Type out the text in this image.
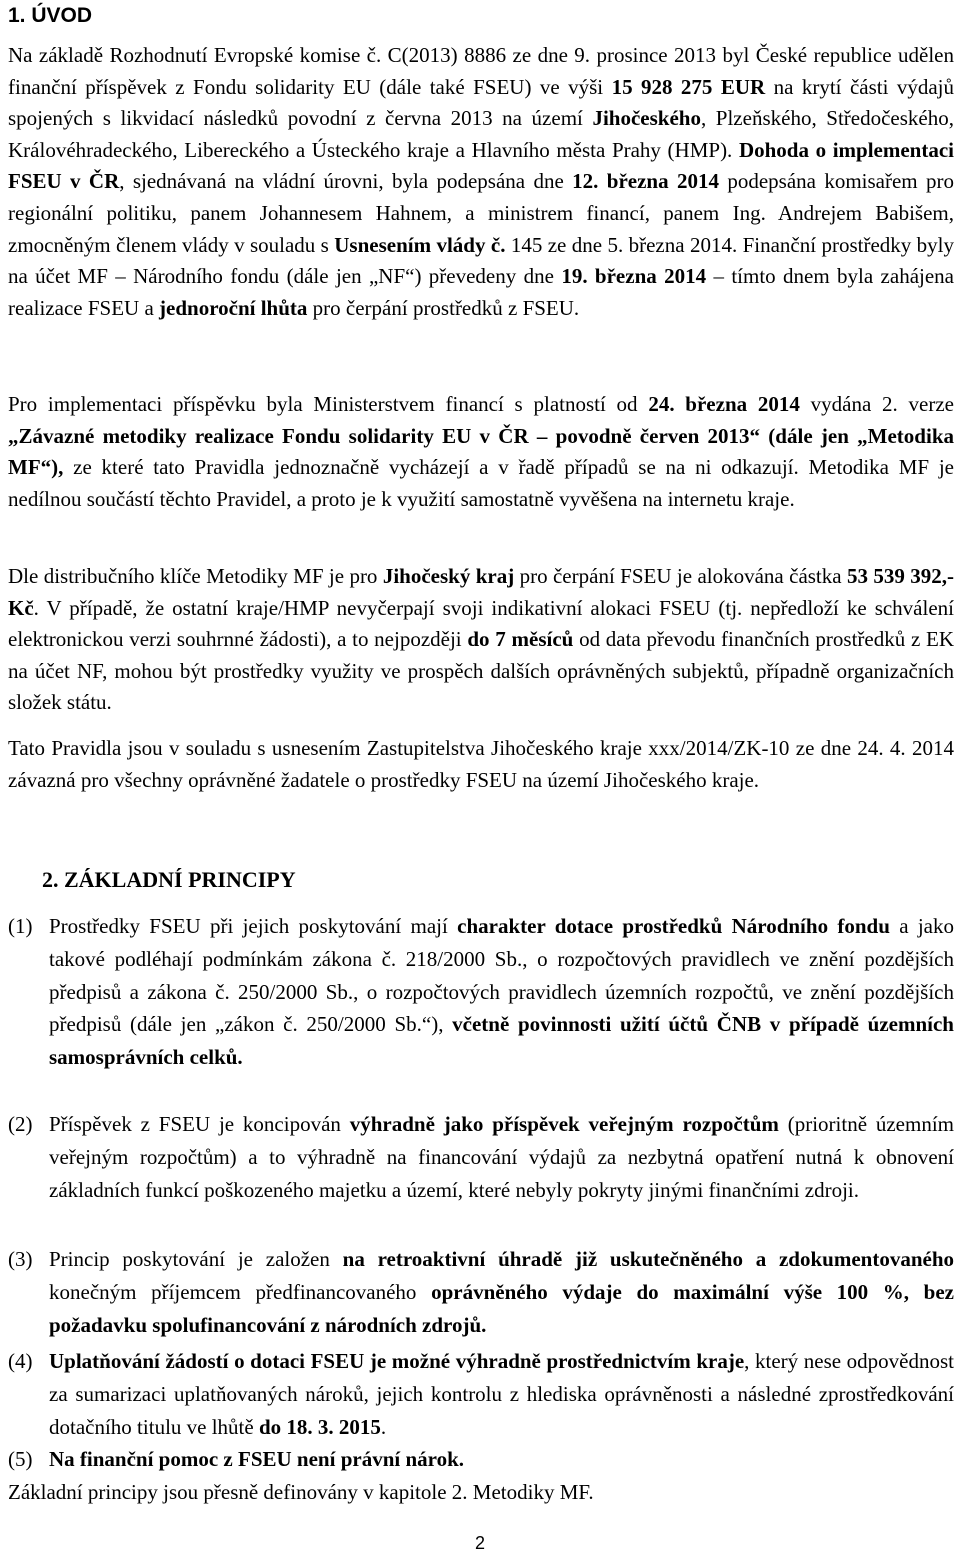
1. ÚVOD
Na základě Rozhodnutí Evropské komise č. C(2013) 8886 ze dne 9. prosince 2013 byl České republice udělen finanční příspěvek z Fondu solidarity EU (dále také FSEU) ve výši 15 928 275 EUR na krytí části výdajů spojených s likvidací následků povodní z června 2013 na území Jihočeského, Plzeňského, Středočeského, Královéhradeckého, Libereckého a Ústeckého kraje a Hlavního města Prahy (HMP). Dohoda o implementaci FSEU v ČR, sjednávaná na vládní úrovni, byla podepsána dne 12. března 2014 podepsána komisařem pro regionální politiku, panem Johannesem Hahnem, a ministrem financí, panem Ing. Andrejem Babišem, zmocněným členem vlády v souladu s Usnesením vlády č. 145 ze dne 5. března 2014. Finanční prostředky byly na účet MF – Národního fondu (dále jen „NF“) převedeny dne 19. března 2014 – tímto dnem byla zahájena realizace FSEU a jednoroční lhůta pro čerpání prostředků z FSEU.
Pro implementaci příspěvku byla Ministerstvem financí s platností od 24. března 2014 vydána 2. verze „Závazné metodiky realizace Fondu solidarity EU v ČR – povodně červen 2013“ (dále jen „Metodika MF“), ze které tato Pravidla jednoznačně vycházejí a v řadě případů se na ni odkazují. Metodika MF je nedílnou součástí těchto Pravidel, a proto je k využití samostatně vyvěšena na internetu kraje.
Dle distribučního klíče Metodiky MF je pro Jihočeský kraj pro čerpání FSEU je alokována částka 53 539 392,- Kč. V případě, že ostatní kraje/HMP nevyčerpají svoji indikativní alokaci FSEU (tj. nepředloží ke schválení elektronickou verzi souhrnné žádosti), a to nejpozději do 7 měsíců od data převodu finančních prostředků z EK na účet NF, mohou být prostředky využity ve prospěch dalších oprávněných subjektů, případně organizačních složek státu.
Tato Pravidla jsou v souladu s usnesením Zastupitelstva Jihočeského kraje xxx/2014/ZK-10 ze dne 24. 4. 2014 závazná pro všechny oprávněné žadatele o prostředky FSEU na území Jihočeského kraje.
2. ZÁKLADNÍ PRINCIPY
(1) Prostředky FSEU při jejich poskytování mají charakter dotace prostředků Národního fondu a jako takové podléhají podmínkám zákona č. 218/2000 Sb., o rozpočtových pravidlech ve znění pozdějších předpisů a zákona č. 250/2000 Sb., o rozpočtových pravidlech územních rozpočtů, ve znění pozdějších předpisů (dále jen „zákon č. 250/2000 Sb.“), včetně povinnosti užití účtů ČNB v případě územních samosprávních celků.
(2) Příspěvek z FSEU je koncipován výhradně jako příspěvek veřejným rozpočtům (prioritně územním veřejným rozpočtům) a to výhradně na financování výdajů za nezbytná opatření nutná k obnovení základních funkcí poškozeného majetku a území, které nebyly pokryty jinými finančními zdroji.
(3) Princip poskytování je založen na retroaktivní úhradě již uskutečněného a zdokumentovaného konečným příjemcem předfinancovaného oprávněného výdaje do maximální výše 100 %, bez požadavku spolufinancování z národních zdrojů.
(4) Uplatňování žádostí o dotaci FSEU je možné výhradně prostřednictvím kraje, který nese odpovědnost za sumarizaci uplatňovaných nároků, jejich kontrolu z hlediska oprávněnosti a následné zprostředkování dotačního titulu ve lhůtě do 18. 3. 2015.
(5) Na finanční pomoc z FSEU není právní nárok.
Základní principy jsou přesně definovány v kapitole 2. Metodiky MF.
2
